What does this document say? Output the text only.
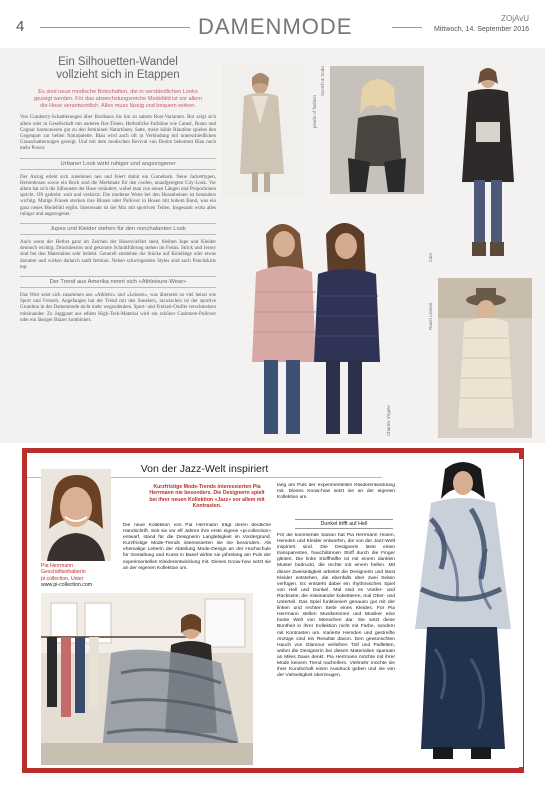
4	DAMENMODE	ZOjAvU
Mittwoch, 14. September 2016
Ein Silhouetten-Wandel
vollzieht sich in Etappen
Es sind neue modische Botschaften, die in verständlichen Looks gezeigt werden. Für das abwechslungsreiche Modebild ist vor allem die Hose verantwortlich. Alles muss lässig und bequem wirken.

Von Cranberry-Schattierungen über Bordeaux bis hin zu sattem Rost-Varianten. Rot zeigt sich allein oder in Gesellschaft mit anderen Rot-Tönen. Herbstliche Farbtöne wie Camel, Braun und Cognac harmonieren gut zu den femininen Naturtönen. Satte, meist kühle Blautöne spielen den Gegenpart zur hellen Naturpalette. Blau wird auch oft in Verbindung mit unterschiedlichen Grauschattierungen gezeigt. Und mit dem modischen Revival von Denim bekommt Blau noch mehr Power.

Urbaner Look wirkt ruhiger und angezogener

Der Anzug erlebt sich zunehmen neu und feiert damit ein Comeback. Neue Jacketttypen, Herrenhosen sowie ein Rock sind die Merkmale für den coolen, unaufgeregten City-Look. Vor allem hat sich die Silhouette der Hose verändert, wobei man von neuen Längen und Proportionen spricht. Oft gedreht: weit und verkürzt. Die moderne Weite bei den Hosenbeinen ist besonders wichtig. Mutige Frauen stecken ihre Blusen oder Pullover in Hosen mit hohem Bund, was ein ganz neues Modebild ergibt. Interessant ist der Mix mit sportiven Teilen. Insgesamt wirkt alles ruhiger und angezogener.

Jupes und Kleider stehen für den nonchalanten Look

Auch wenn der Herbst ganz im Zeichen der Hosenvielfalt steht, bleiben Jupe und Kleider dennoch wichtig. Druckdessins und gekonnte Schnittführung stehen im Fokus. Strick und Jersey sind bei den Materialien sehr beliebt. Generell entstehen die Stücke auf Knielänge oder etwas darunter und wirken dadurch sanft feminin. Neben schwingenden Styles sind auch Pencilskirts top.

Der Trend aus Amerika nennt sich «Athleisure-Wear»

Das Wort setzt sich zusammen aus «Athletic» und «Leisure», was übersetzt so viel heisst wie Sport und Freizeit. Angefangen hat der Trend mit den Sneakers, inzwischen ist der sportive Grundton in der Damenmode nicht mehr wegzudenken. Sport- und Freizeit-Outfits verschmelzen miteinander. Zu Joggpant aus edlem High-Tech-Material wird ein schöner Cashmere-Pullover oder ein lässiger Blazer kombiniert.

pearls of fashion
Scotch & Soda
C&A
Charles Vögele
Ranel Lissent
Von der Jazz-Welt inspiriert
Pia Herrmann
Geschäftsinhaberin
pi collection, Uster
www.pi-collection.com
Kurzfristige Mode-Trends interessierten Pia Herrmann nie besonders. Die Designerin spielt bei ihrer neuen Kollektion «Jazz» vor allem mit Kontrasten.
Die neue Kollektion von Pia Herrmann trägt deren deutliche Handschrift. Seit sie vor elf Jahren ihre erste eigene «pi.collection» entwarf, stand für die Designerin Langlebigkeit im Vordergrund. Kurzfristige Mode-Trends interessierten sie nie besonders. Als ehemalige Leiterin der Abteilung Mode-Design an der Hochschule für Gestaltung und Kunst in Basel wirkte sie jahrelang am Puls der experimentellen Kleiderentwicklung mit. Dieses Know-how setzt sie an der eigenen Kollektion um.
lang am Puls der experimentellen Kleiderentwicklung mit. Dieses Know-how setzt sie an der eigenen Kollektion um.
Dunkel trifft auf Hell
Für die kommende Saison hat Pia Herrmann Hosen, Hemden und Kleider entworfen, die von der Jazz-Welt inspiriert sind. Die Designerin lässt einen transparenten, hauchdünnen Stoff durch die Finger gleiten. Die linke Stoffhälfte ist mit einem dunklen Muster bedruckt, die rechte mit einem hellen. Mit dieser Zweiseitigkeit arbeitet die Designerin und lässt Kleider entstehen, die ebenfalls über zwei Seiten verfügen. Es entsteht dabei ein rhythmisches Spiel von Hell und Dunkel. Mal sind es Vorder- und Rückseite, die miteinander kokettieren, mal Ober- und Unterteil. Das Spiel funktioniert genauso gut mit der linken und rechten Seite eines Kleides. Für Pia Herrmann stellen Musikerinnen und Musiker eine bunte Welt von Menschen dar. Sie setzt diese Buntheit in ihrer Kollektion nicht mit Farbe, sondern mit Kontrasten um. Karierte Hemden und gestreifte Anzüge sind ein Resultat davon. Den gewünschten Hauch von Glamour verleihen Tüll und Pailletten, wobei die Designerin bei diesen Materialien sparsam an Miles Davis denkt. Pia Herrmann möchte mit ihrer Mode keinem Trend nacheifern. Vielmehr möchte sie ihrer Kundschaft einen Ausdruck geben und sie von der Vielseitigkeit überzeugen.
